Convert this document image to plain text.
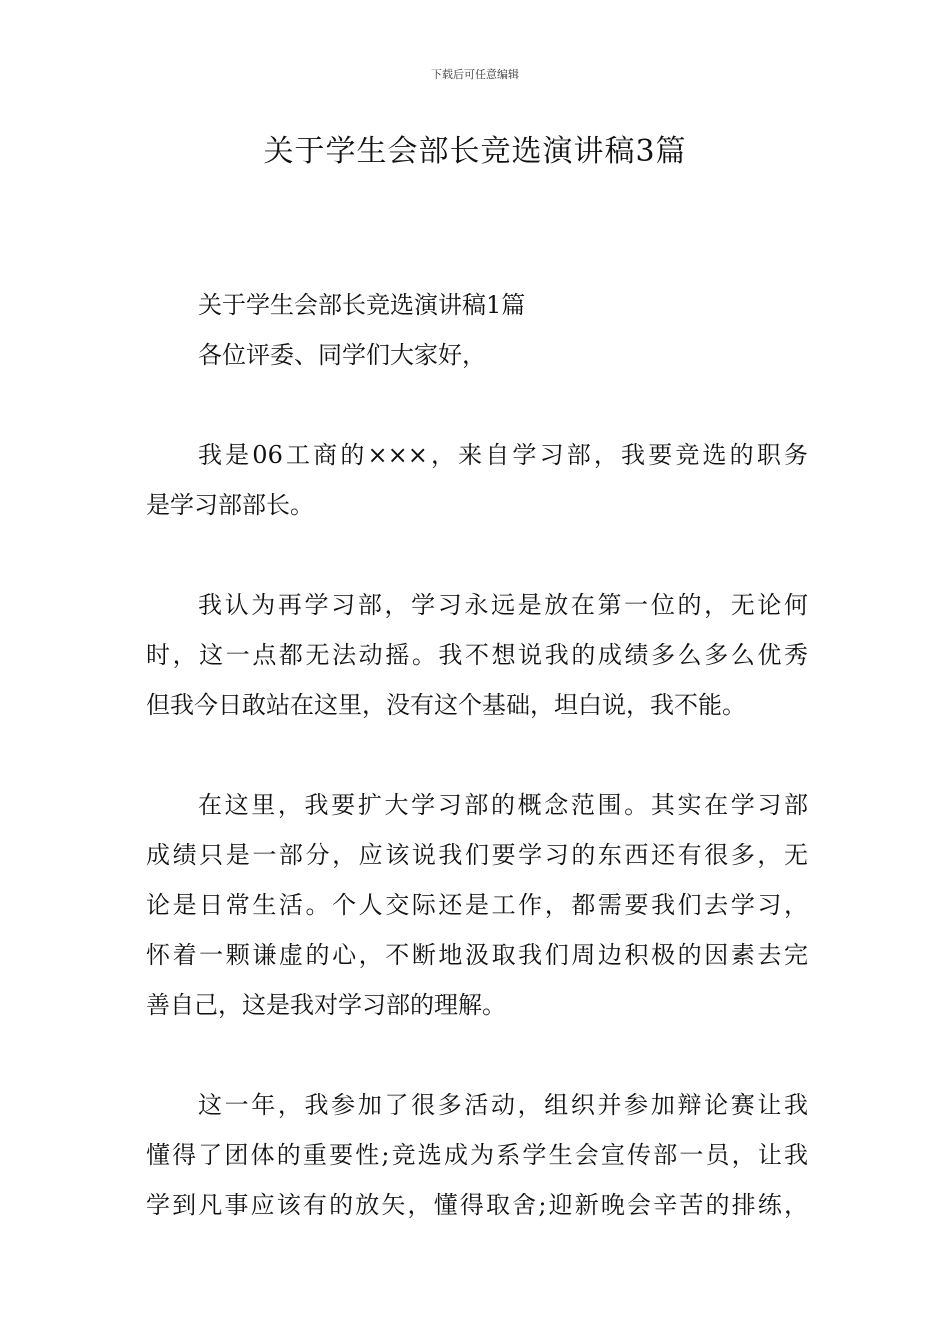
下载后可任意编辑
关于学生会部长竞选演讲稿3篇

关于学生会部长竞选演讲稿1篇

各位评委、同学们大家好，

我是06工商的×××，来自学习部，我要竞选的职务

是学习部部长。

我认为再学习部，学习永远是放在第一位的，无论何

时，这一点都无法动摇。我不想说我的成绩多么多么优秀

但我今日敢站在这里，没有这个基础，坦白说，我不能。

在这里，我要扩大学习部的概念范围。其实在学习部

成绩只是一部分，应该说我们要学习的东西还有很多，无

论是日常生活。个人交际还是工作，都需要我们去学习，

怀着一颗谦虚的心，不断地汲取我们周边积极的因素去完

善自己，这是我对学习部的理解。

这一年，我参加了很多活动，组织并参加辩论赛让我

懂得了团体的重要性;竞选成为系学生会宣传部一员，让我

学到凡事应该有的放矢，懂得取舍;迎新晚会辛苦的排练，
